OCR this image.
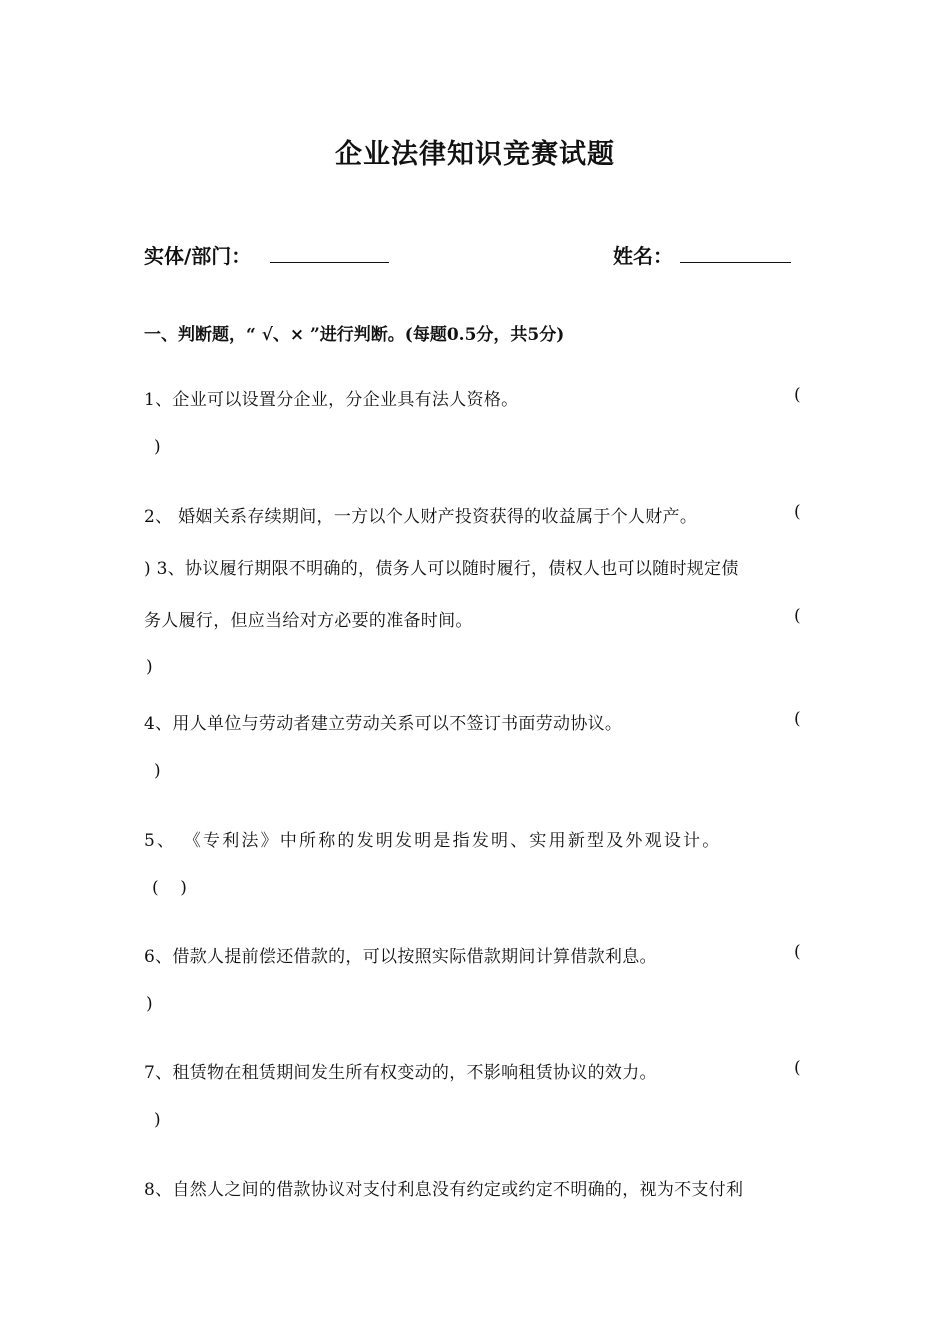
企业法律知识竞赛试题
实体/部门：	姓名：
一、判断题，“ √、× ”进行判断。(每题0.5分，共5分)
1、企业可以设置分企业，分企业具有法人资格。	(
)
2、 婚姻关系存续期间，一方以个人财产投资获得的收益属于个人财产。	(
) 3、协议履行期限不明确的，债务人可以随时履行，债权人也可以随时规定债
务人履行，但应当给对方必要的准备时间。	(
)
4、用人单位与劳动者建立劳动关系可以不签订书面劳动协议。	(
)
5、 《专利法》中所称的发明发明是指发明、实用新型及外观设计。
(    )
6、借款人提前偿还借款的，可以按照实际借款期间计算借款利息。	(
)
7、租赁物在租赁期间发生所有权变动的，不影响租赁协议的效力。	(
)
8、自然人之间的借款协议对支付利息没有约定或约定不明确的，视为不支付利
